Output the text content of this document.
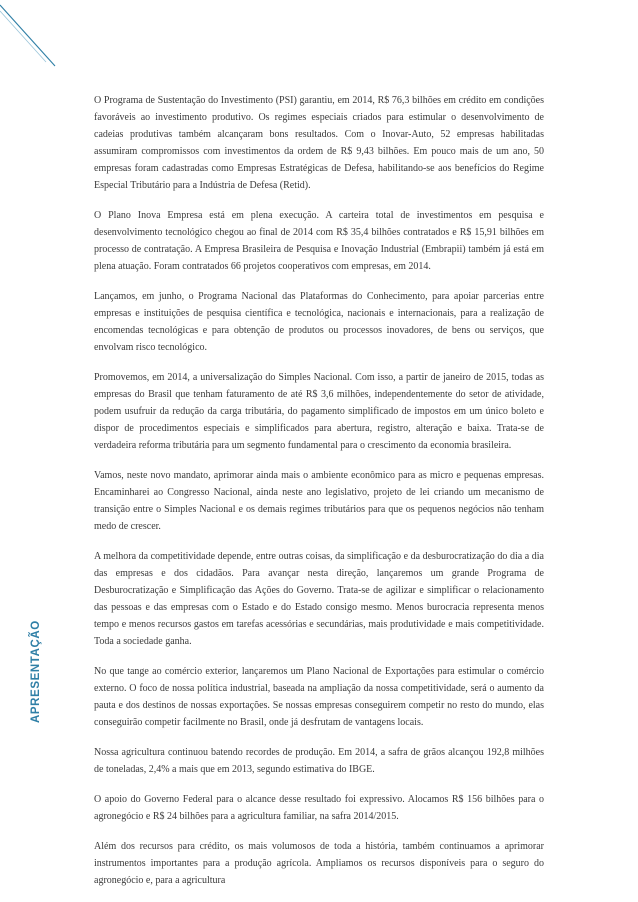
APRESENTAÇÃO

O Programa de Sustentação do Investimento (PSI) garantiu, em 2014, R$ 76,3 bilhões em crédito em condições favoráveis ao investimento produtivo. Os regimes especiais criados para estimular o desenvolvimento de cadeias produtivas também alcançaram bons resultados. Com o Inovar-Auto, 52 empresas habilitadas assumiram compromissos com investimentos da ordem de R$ 9,43 bilhões. Em pouco mais de um ano, 50 empresas foram cadastradas como Empresas Estratégicas de Defesa, habilitando-se aos benefícios do Regime Especial Tributário para a Indústria de Defesa (Retid).

O Plano Inova Empresa está em plena execução. A carteira total de investimentos em pesquisa e desenvolvimento tecnológico chegou ao final de 2014 com R$ 35,4 bilhões contratados e R$ 15,91 bilhões em processo de contratação. A Empresa Brasileira de Pesquisa e Inovação Industrial (Embrapii) também já está em plena atuação. Foram contratados 66 projetos cooperativos com empresas, em 2014.

Lançamos, em junho, o Programa Nacional das Plataformas do Conhecimento, para apoiar parcerias entre empresas e instituições de pesquisa científica e tecnológica, nacionais e internacionais, para a realização de encomendas tecnológicas e para obtenção de produtos ou processos inovadores, de bens ou serviços, que envolvam risco tecnológico.

Promovemos, em 2014, a universalização do Simples Nacional. Com isso, a partir de janeiro de 2015, todas as empresas do Brasil que tenham faturamento de até R$ 3,6 milhões, independentemente do setor de atividade, podem usufruir da redução da carga tributária, do pagamento simplificado de impostos em um único boleto e dispor de procedimentos especiais e simplificados para abertura, registro, alteração e baixa. Trata-se de verdadeira reforma tributária para um segmento fundamental para o crescimento da economia brasileira.

Vamos, neste novo mandato, aprimorar ainda mais o ambiente econômico para as micro e pequenas empresas. Encaminharei ao Congresso Nacional, ainda neste ano legislativo, projeto de lei criando um mecanismo de transição entre o Simples Nacional e os demais regimes tributários para que os pequenos negócios não tenham medo de crescer.

A melhora da competitividade depende, entre outras coisas, da simplificação e da desburocratização do dia a dia das empresas e dos cidadãos. Para avançar nesta direção, lançaremos um grande Programa de Desburocratização e Simplificação das Ações do Governo. Trata-se de agilizar e simplificar o relacionamento das pessoas e das empresas com o Estado e do Estado consigo mesmo. Menos burocracia representa menos tempo e menos recursos gastos em tarefas acessórias e secundárias, mais produtividade e mais competitividade. Toda a sociedade ganha.

No que tange ao comércio exterior, lançaremos um Plano Nacional de Exportações para estimular o comércio externo. O foco de nossa política industrial, baseada na ampliação da nossa competitividade, será o aumento da pauta e dos destinos de nossas exportações. Se nossas empresas conseguirem competir no resto do mundo, elas conseguirão competir facilmente no Brasil, onde já desfrutam de vantagens locais.

Nossa agricultura continuou batendo recordes de produção. Em 2014, a safra de grãos alcançou 192,8 milhões de toneladas, 2,4% a mais que em 2013, segundo estimativa do IBGE.

O apoio do Governo Federal para o alcance desse resultado foi expressivo. Alocamos R$ 156 bilhões para o agronegócio e R$ 24 bilhões para a agricultura familiar, na safra 2014/2015.

Além dos recursos para crédito, os mais volumosos de toda a história, também continuamos a aprimorar instrumentos importantes para a produção agrícola. Ampliamos os recursos disponíveis para o seguro do agronegócio e, para a agricultura
